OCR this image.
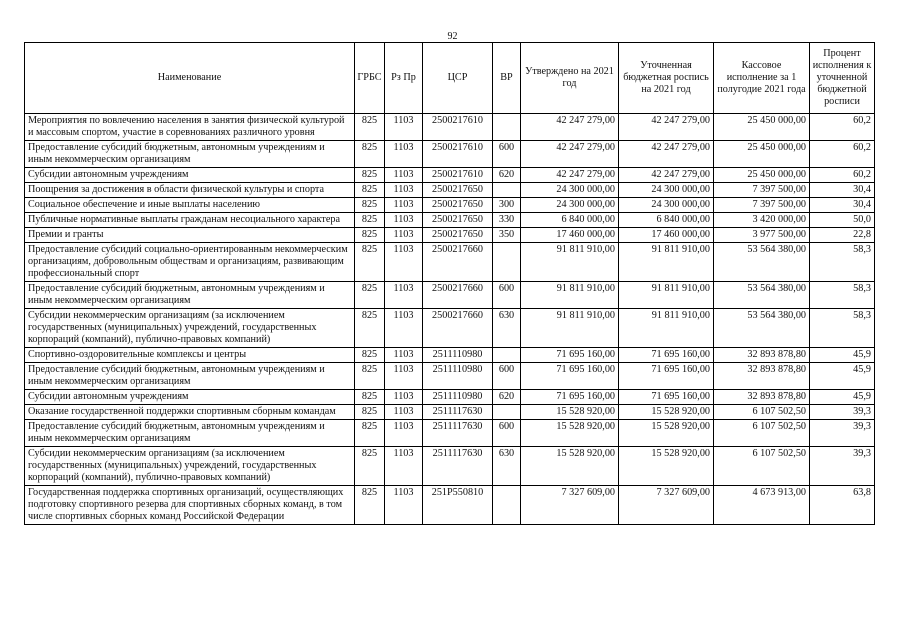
92
Наименование	ГРБС	Рз Пр	ЦСР	ВР	Утверждено на 2021 год	Уточненная бюджетная роспись на 2021 год	Кассовое исполнение за 1 полугодие 2021 года	Процент исполнения к уточненной бюджетной росписи
Мероприятия по вовлечению населения в занятия физической культурой и массовым спортом, участие в соревнованиях различного уровня	825	1103	2500217610		42 247 279,00	42 247 279,00	25 450 000,00	60,2
Предоставление субсидий бюджетным, автономным учреждениям и иным некоммерческим организациям	825	1103	2500217610	600	42 247 279,00	42 247 279,00	25 450 000,00	60,2
Субсидии автономным учреждениям	825	1103	2500217610	620	42 247 279,00	42 247 279,00	25 450 000,00	60,2
Поощрения за достижения в области физической культуры и спорта	825	1103	2500217650		24 300 000,00	24 300 000,00	7 397 500,00	30,4
Социальное обеспечение и иные выплаты населению	825	1103	2500217650	300	24 300 000,00	24 300 000,00	7 397 500,00	30,4
Публичные нормативные выплаты гражданам несоциального характера	825	1103	2500217650	330	6 840 000,00	6 840 000,00	3 420 000,00	50,0
Премии и гранты	825	1103	2500217650	350	17 460 000,00	17 460 000,00	3 977 500,00	22,8
Предоставление субсидий социально-ориентированным некоммерческим организациям, добровольным обществам и организациям, развивающим профессиональный спорт	825	1103	2500217660		91 811 910,00	91 811 910,00	53 564 380,00	58,3
Предоставление субсидий бюджетным, автономным учреждениям и иным некоммерческим организациям	825	1103	2500217660	600	91 811 910,00	91 811 910,00	53 564 380,00	58,3
Субсидии некоммерческим организациям (за исключением государственных (муниципальных) учреждений, государственных корпораций (компаний), публично-правовых компаний)	825	1103	2500217660	630	91 811 910,00	91 811 910,00	53 564 380,00	58,3
Спортивно-оздоровительные комплексы и центры	825	1103	2511110980		71 695 160,00	71 695 160,00	32 893 878,80	45,9
Предоставление субсидий бюджетным, автономным учреждениям и иным некоммерческим организациям	825	1103	2511110980	600	71 695 160,00	71 695 160,00	32 893 878,80	45,9
Субсидии автономным учреждениям	825	1103	2511110980	620	71 695 160,00	71 695 160,00	32 893 878,80	45,9
Оказание государственной поддержки спортивным сборным командам	825	1103	2511117630		15 528 920,00	15 528 920,00	6 107 502,50	39,3
Предоставление субсидий бюджетным, автономным учреждениям и иным некоммерческим организациям	825	1103	2511117630	600	15 528 920,00	15 528 920,00	6 107 502,50	39,3
Субсидии некоммерческим организациям (за исключением государственных (муниципальных) учреждений, государственных корпораций (компаний), публично-правовых компаний)	825	1103	2511117630	630	15 528 920,00	15 528 920,00	6 107 502,50	39,3
Государственная поддержка спортивных организаций, осуществляющих подготовку спортивного резерва для спортивных сборных команд, в том числе спортивных сборных команд Российской Федерации	825	1103	251P550810		7 327 609,00	7 327 609,00	4 673 913,00	63,8
